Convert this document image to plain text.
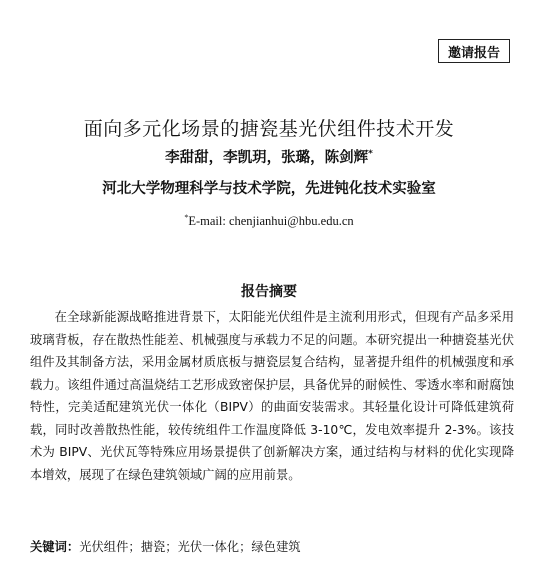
邀请报告
面向多元化场景的搪瓷基光伏组件技术开发
李甜甜，李凯玥，张璐，陈剑辉*
河北大学物理科学与技术学院，先进钝化技术实验室
*E-mail: chenjianhui@hbu.edu.cn
报告摘要

在全球新能源战略推进背景下，太阳能光伏组件是主流利用形式，但现有产品多采用玻璃背板，存在散热性能差、机械强度与承载力不足的问题。本研究提出一种搪瓷基光伏组件及其制备方法，采用金属材质底板与搪瓷层复合结构，显著提升组件的机械强度和承载力。该组件通过高温烧结工艺形成致密保护层，具备优异的耐候性、零透水率和耐腐蚀特性，完美适配建筑光伏一体化（BIPV）的曲面安装需求。其轻量化设计可降低建筑荷载，同时改善散热性能，较传统组件工作温度降低 3-10℃，发电效率提升 2-3%。该技术为 BIPV、光伏瓦等特殊应用场景提供了创新解决方案，通过结构与材料的优化实现降本增效，展现了在绿色建筑领域广阔的应用前景。

关键词：光伏组件；搪瓷；光伏一体化；绿色建筑
